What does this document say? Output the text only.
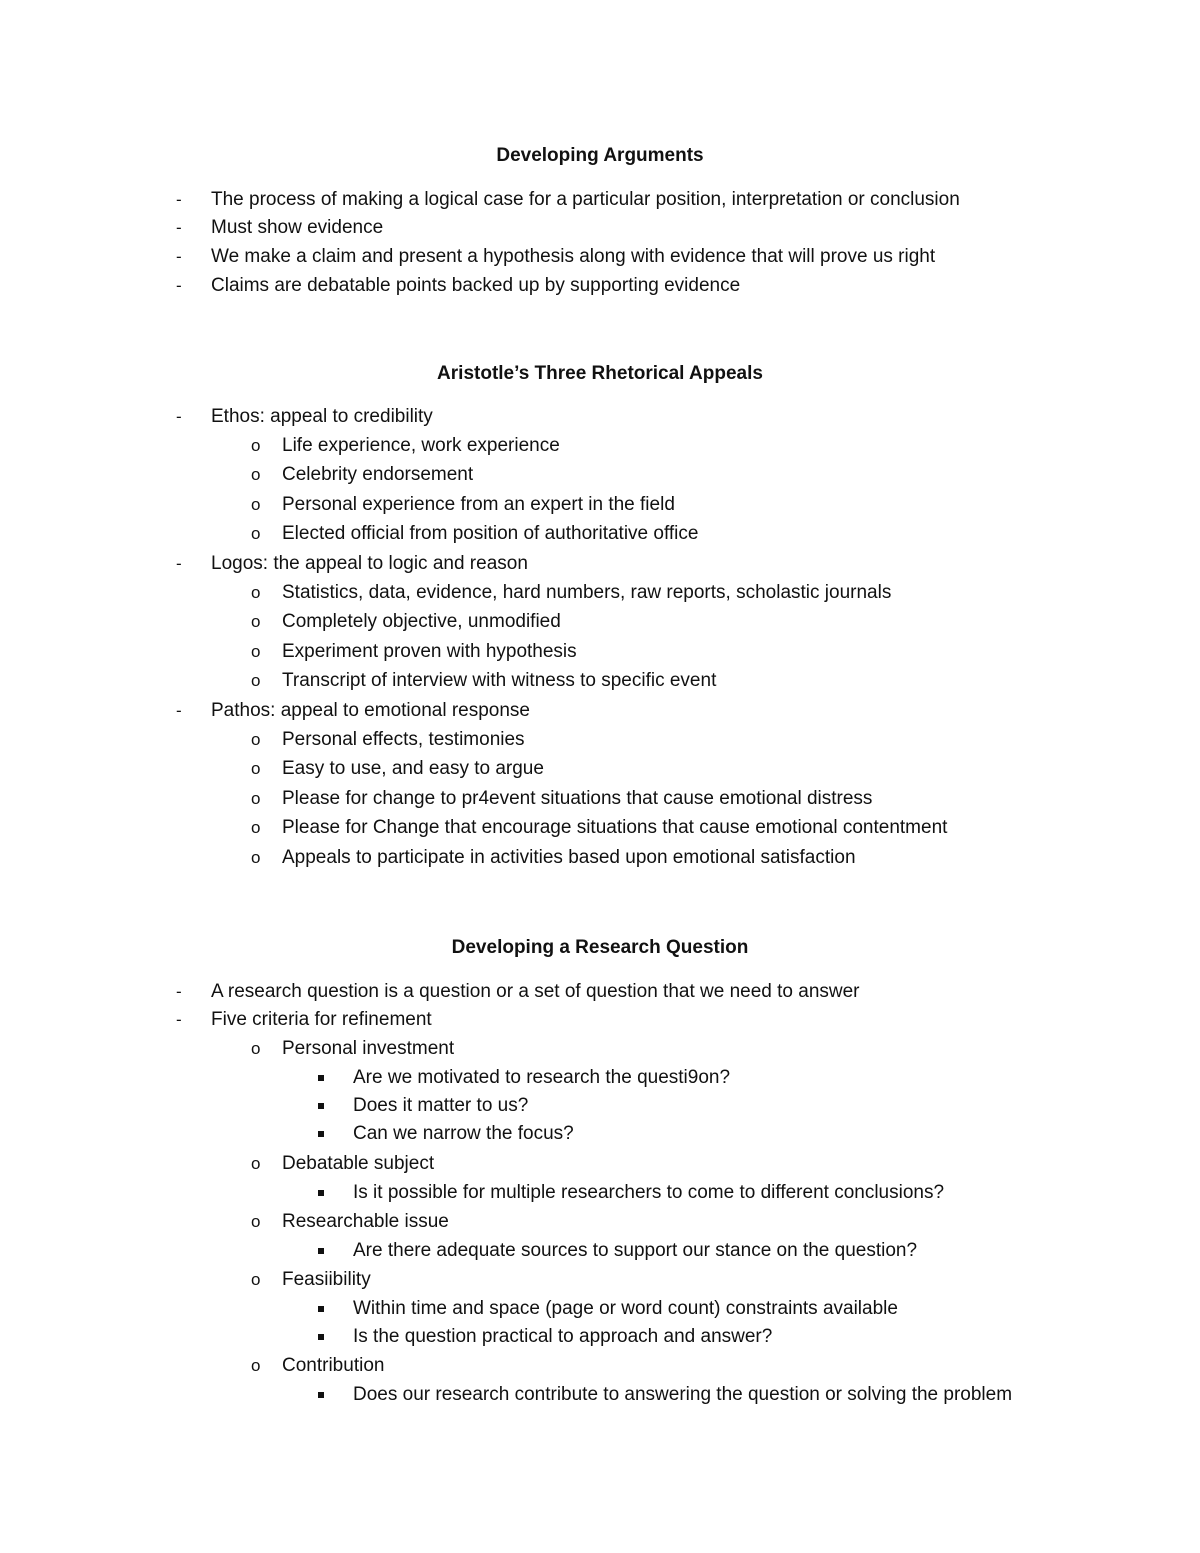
Developing Arguments
- The process of making a logical case for a particular position, interpretation or conclusion
- Must show evidence
- We make a claim and present a hypothesis along with evidence that will prove us right
- Claims are debatable points backed up by supporting evidence
Aristotle’s Three Rhetorical Appeals
- Ethos: appeal to credibility
o Life experience, work experience
o Celebrity endorsement
o Personal experience from an expert in the field
o Elected official from position of authoritative office
- Logos: the appeal to logic and reason
o Statistics, data, evidence, hard numbers, raw reports, scholastic journals
o Completely objective, unmodified
o Experiment proven with hypothesis
o Transcript of interview with witness to specific event
- Pathos: appeal to emotional response
o Personal effects, testimonies
o Easy to use, and easy to argue
o Please for change to pr4event situations that cause emotional distress
o Please for Change that encourage situations that cause emotional contentment
o Appeals to participate in activities based upon emotional satisfaction
Developing a Research Question
- A research question is a question or a set of question that we need to answer
- Five criteria for refinement
o Personal investment
Are we motivated to research the questi9on?
Does it matter to us?
Can we narrow the focus?
o Debatable subject
Is it possible for multiple researchers to come to different conclusions?
o Researchable issue
Are there adequate sources to support our stance on the question?
o Feasiibility
Within time and space (page or word count) constraints available
Is the question practical to approach and answer?
o Contribution
Does our research contribute to answering the question or solving the problem
